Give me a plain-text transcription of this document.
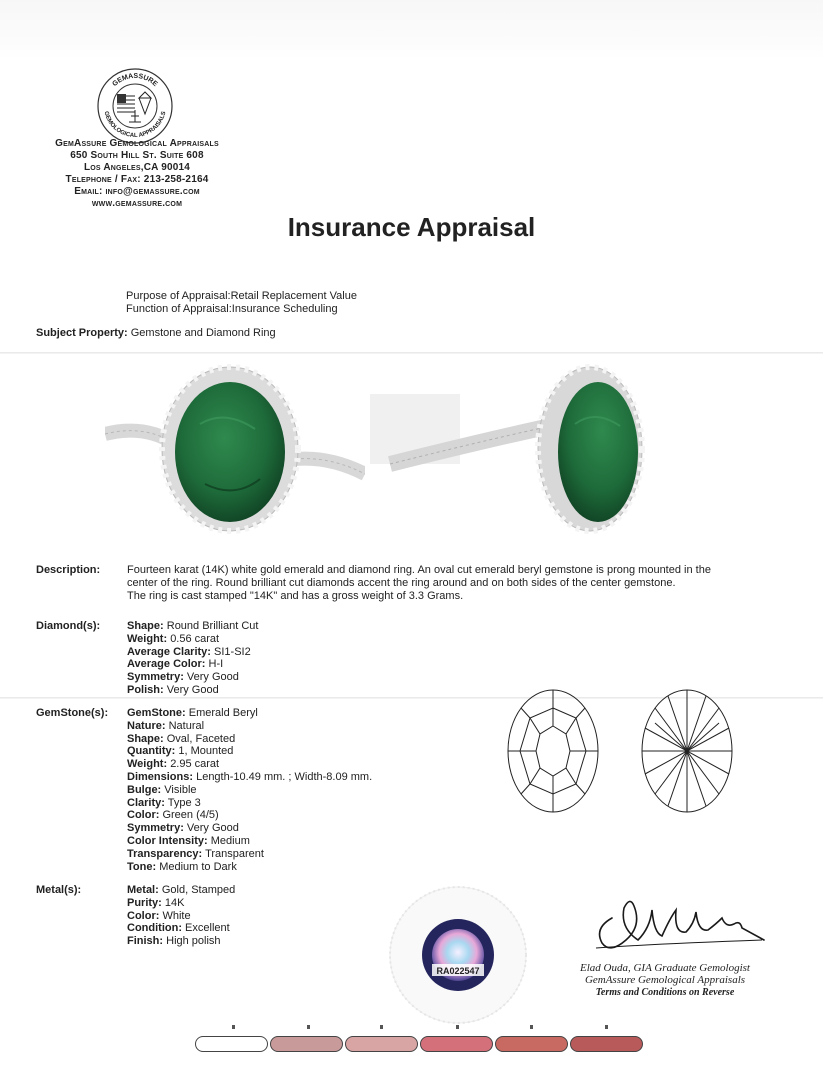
GEMASSURE
GEMOLOGICAL APPRAISALS
GemAssure Gemological Appraisals
650 South Hill St. Suite 608
Los Angeles,CA 90014
Telephone / Fax: 213-258-2164
Email: info@gemassure.com
www.gemassure.com
Insurance Appraisal
Purpose of Appraisal:Retail Replacement Value
Function of Appraisal:Insurance Scheduling
Subject Property: Gemstone and Diamond Ring
Description: Fourteen karat (14K) white gold emerald and diamond ring. An oval cut emerald beryl gemstone is prong mounted in the
center of the ring. Round brilliant cut diamonds accent the ring around and on both sides of the center gemstone.
The ring is cast stamped "14K" and has a gross weight of 3.3 Grams.
Diamond(s): Shape: Round Brilliant Cut
Weight: 0.56 carat
Average Clarity: SI1-SI2
Average Color: H-I
Symmetry: Very Good
Polish: Very Good
GemStone(s): GemStone: Emerald Beryl
Nature: Natural
Shape: Oval, Faceted
Quantity: 1, Mounted
Weight: 2.95 carat
Dimensions: Length-10.49 mm. ; Width-8.09 mm.
Bulge: Visible
Clarity: Type 3
Color: Green (4/5)
Symmetry: Very Good
Color Intensity: Medium
Transparency: Transparent
Tone: Medium to Dark
Metal(s):	Metal: Gold, Stamped
Purity: 14K
Color: White
Condition: Excellent
Finish: High polish
RA022547	Elad Ouda, GIA Graduate Gemologist
GemAssure Gemological Appraisals
Terms and Conditions on Reverse
